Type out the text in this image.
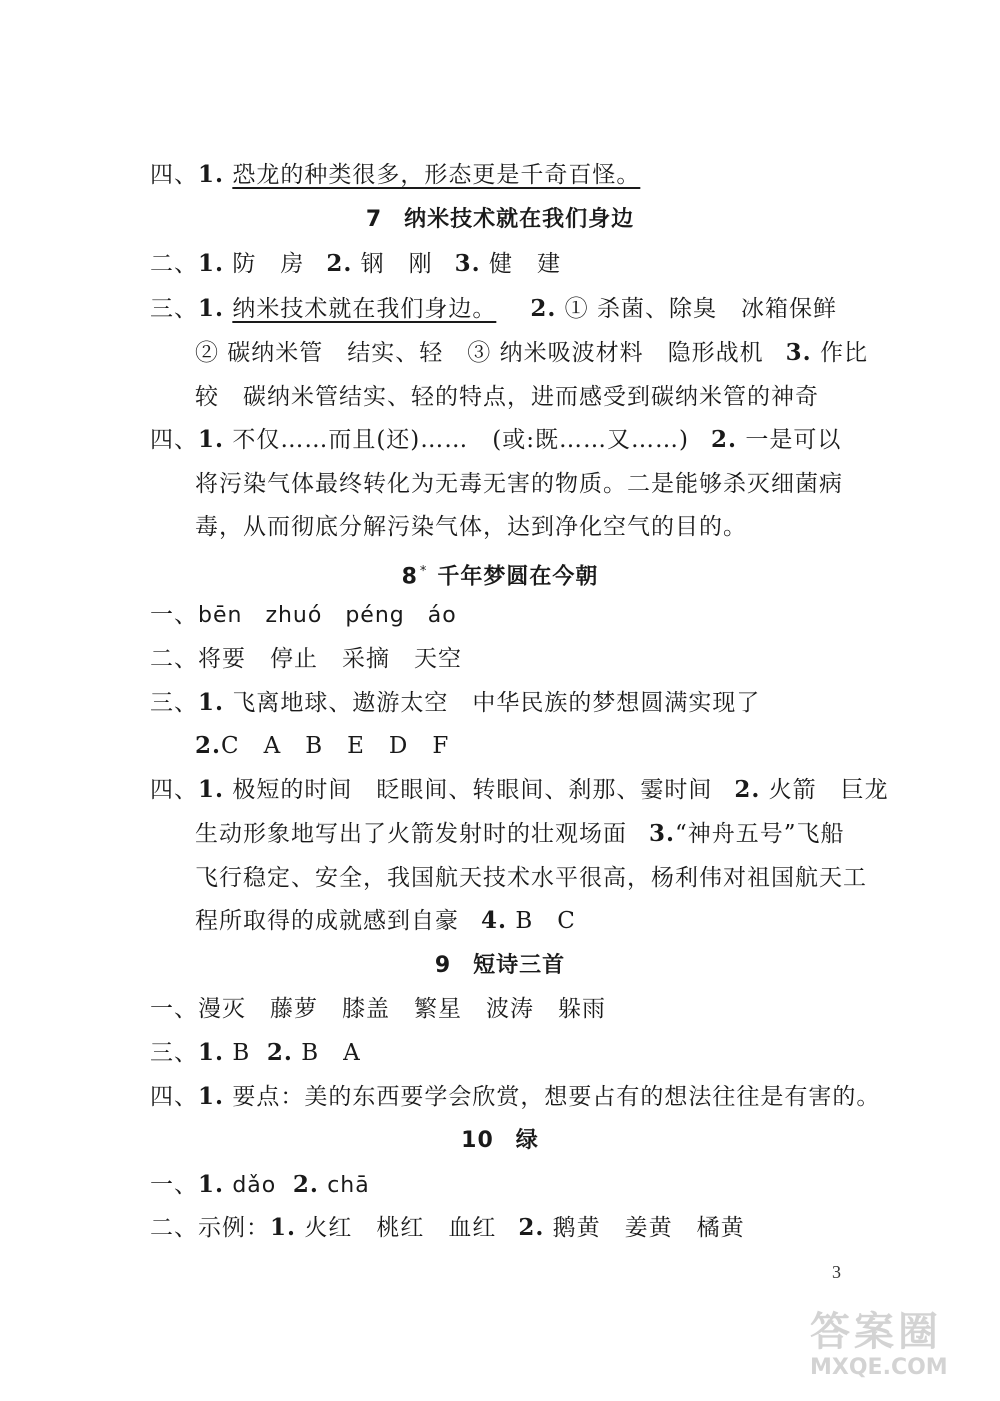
四、1. 恐龙的种类很多，形态更是千奇百怪。
7 纳米技术就在我们身边
二、1. 防　房 2. 钢　刚 3. 健　建
三、1. 纳米技术就在我们身边。 2. ① 杀菌、除臭　冰箱保鲜
② 碳纳米管　结实、轻　③ 纳米吸波材料　隐形战机 3. 作比
较　碳纳米管结实、轻的特点，进而感受到碳纳米管的神奇
四、1. 不仅……而且(还)……　(或:既……又……) 2. 一是可以
将污染气体最终转化为无毒无害的物质。二是能够杀灭细菌病
毒，从而彻底分解污染气体，达到净化空气的目的。
8 * 千年梦圆在今朝
一、bēn　zhuó　péng　áo
二、将要　停止　采摘　天空
三、1. 飞离地球、遨游太空　中华民族的梦想圆满实现了
2.C　A　B　E　D　F
四、1. 极短的时间　眨眼间、转眼间、刹那、霎时间 2. 火箭　巨龙
生动形象地写出了火箭发射时的壮观场面 3.“神舟五号”飞船
飞行稳定、安全，我国航天技术水平很高，杨利伟对祖国航天工
程所取得的成就感到自豪 4. B　C
9 短诗三首
一、漫灭　藤萝　膝盖　繁星　波涛　躲雨
三、1. B 2. B　A
四、1. 要点：美的东西要学会欣赏，想要占有的想法往往是有害的。
10 绿
一、1. dǎo 2. chā
二、示例：1. 火红　桃红　血红 2. 鹅黄　姜黄　橘黄
3
答案圈
MXQE.COM
